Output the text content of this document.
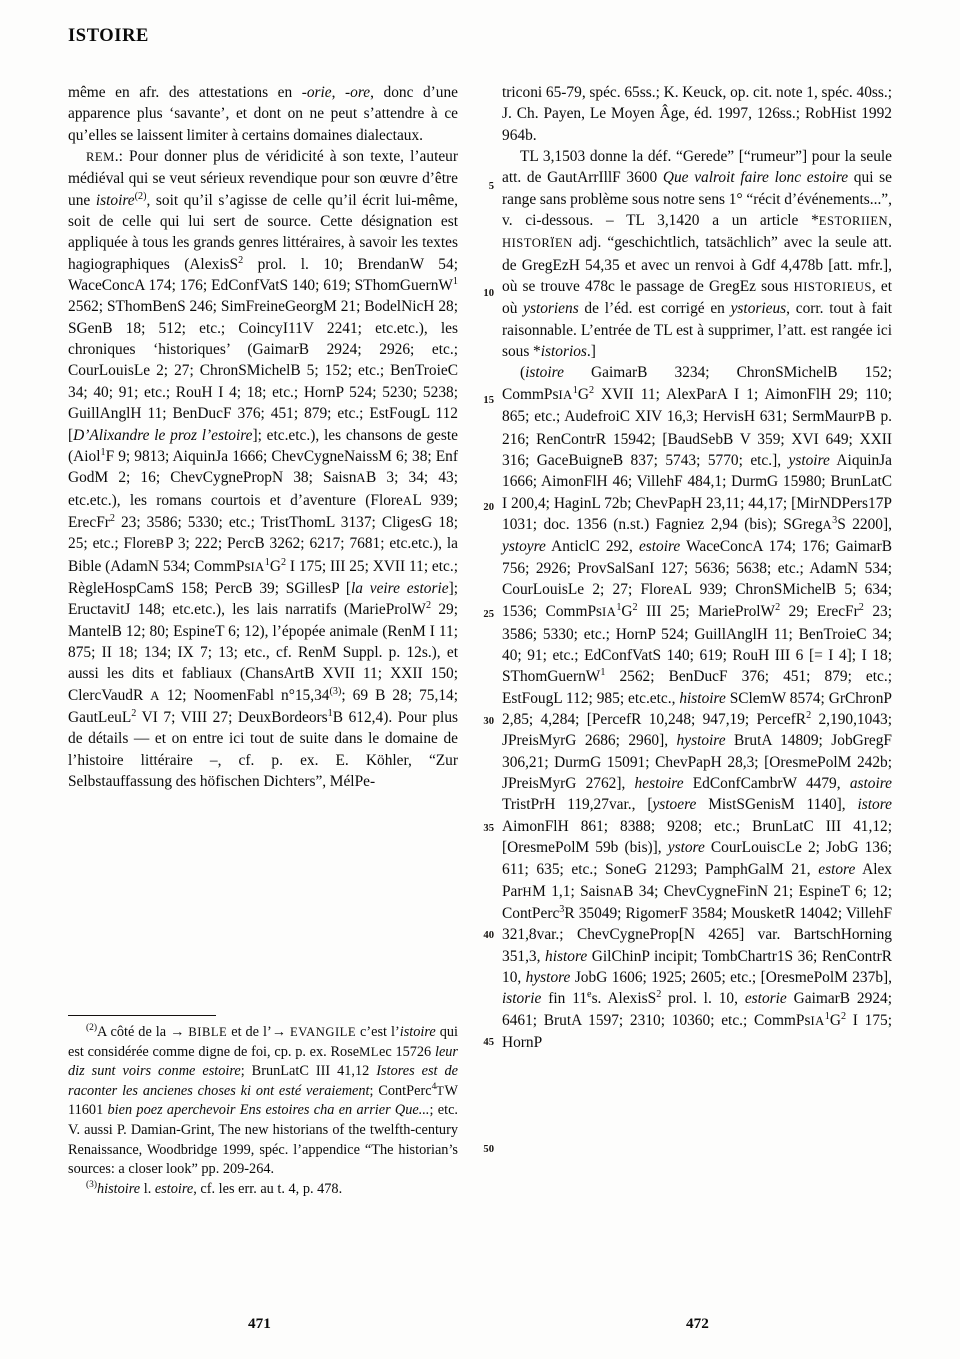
ISTOIRE

même en afr. des attestations en -orie, -ore, donc d’une apparence plus ‘savante’, et dont on ne peut s’attendre à ce qu’elles se laissent limiter à certains domaines dialectaux.

REM.: Pour donner plus de véridicité à son texte, l’auteur médiéval qui se veut sérieux revendique pour son œuvre d’être une istoire$^{(2)}$, soit qu’il s’agisse de celle qu’il écrit lui-même, soit de celle qui lui sert de source. Cette désignation est appliquée à tous les grands genres littéraires, à savoir les textes hagiographiques (AlexisS$^2$ prol. l. 10; BrendanW 54; WaceConcA 174; 176; EdConfVatS 140; 619; SThomGuernW$^1$ 2562; SThomBenS 246; SimFreineGeorgM 21; Bodel​NicH 28; SGenB 18; 512; etc.; CoincyI11V 2241; etc.etc.), les chroniques ‘historiques’ (GaimarB 2924; 2926; etc.; CourLouisLe 2; 27; ChronSMi​chelB 5; 152; etc.; BenTroieC 34; 40; 91; etc.; RouH I 4; 18; etc.; HornP 524; 5230; 5238; GuillAnglH 11; BenDucF 376; 451; 879; etc.; EstFougL 112 [D’Alixandre le proz l’estoire]; etc.etc.), les chansons de geste (Aiol$^1$F 9; 9813; AiquinJa 1666; ChevCygneNaissM 6; 38; Enf​GodM 2; 16; ChevCygnePropN 38; SaisnAB 3; 34; 43; etc.etc.), les romans courtois et d’aventure (FloreAL 939; ErecFr$^2$ 23; 3586; 5330; etc.; Trist​ThomL 3137; CligesG 18; 25; etc.; FloreBP 3; 222; PercB 3262; 6217; 7681; etc.etc.), la Bible (AdamN 534; $CommPsIA^1G^2$ I 175; III 25; XVII 11; etc.; RègleHospCamS 158; PercB 39; SGil​lesP [la veire estorie]; EructavitJ 148; etc.etc.), les lais narratifs (MarieProlW$^2$ 29; MantelB 12; 80; EspineT 6; 12), l’épopée animale (RenM I 11; 875; II 18; 134; IX 7; 13; etc., cf. RenM Suppl. p. 12s.), et aussi les dits et fabliaux (ChansArtB XVII 11; XXII 150; ClercVaudR A 12; Noomen​Fabl n°15,34$^{(3)}$; 69 B 28; 75,14; GautLeuL$^2$ VI 7; VIII 27; DeuxBordeors$^1$B 612,4). Pour plus de détails — et on entre ici tout de suite dans le domaine de l’histoire littéraire –, cf. p. ex. E. Köhler, “Zur Selbstauffassung des höfischen Dichters”, MélPe-

triconi 65-79, spéc. 65ss.; K. Keuck, op. cit. note 1, spéc. 40ss.; J. Ch. Payen, Le Moyen Âge, éd. 1997, 126ss.; RobHist 1992 964b.

TL 3,1503 donne la déf. “Gerede” [“rumeur”] pour la seule att. de GautArrIllF 3600 Que valroit faire lonc estoire qui se range sans problème sous notre sens 1° “récit d’événements...”, v. ci-dessous. – TL 3,1420 a un article *ESTORIIEN, HISTORÏEN adj. “geschichtlich, tatsächlich” avec la seule att. de GregEzH 54,35 et avec un renvoi à Gdf 4,478b [att. mfr.], où se trouve 478c le passage de GregEz sous HISTORIEUS, et où ystoriens de l’éd. est corrigé en ystorieus, corr. tout à fait raisonnable. L’entrée de TL est à supprimer, l’att. est rangée ici sous *istorios.]

(istoire GaimarB 3234; ChronSMichelB 152; $CommPsIA^1G^2$ XVII 11; AlexParA I 1; Aimon​FlH 29; 110; 865; etc.; AudefroiC XIV 16,3; HervisH 631; SermMaurPB p. 216; RenContrR 15942; [BaudSebB V 359; XVI 649; XXII 316; GaceBuigneB 837; 5743; 5770; etc.], ystoire AiquinJa 1666; AimonFlH 46; VillehF 484,1; DurmG 15980; BrunLatC I 200,4; HaginL 72b; ChevPapH 23,11; 44,17; [MirNDPers17P 1031; doc. 1356 (n.st.) Fagniez 2,94 (bis); SGregA$^3$S 2200], ystoyre AnticlC 292, estoire WaceConcA 174; 176; GaimarB 756; 2926; ProvSalSanI 127; 5636; 5638; etc.; AdamN 534; CourLouisLe 2; 27; FloreAL 939; ChronSMichelB 5; 634; 1536; $CommPsIA^1G^2$ III 25; MarieProlW$^2$ 29; ErecFr$^2$ 23; 3586; 5330; etc.; HornP 524; GuillAnglH 11; BenTroieC 34; 40; 91; etc.; EdConfVatS 140; 619; RouH III 6 [= I 4]; I 18; SThomGuernW$^1$ 2562; BenDucF 376; 451; 879; etc.; EstFougL 112; 985; etc.etc., histoire SClemW 8574; GrChronP 2,85; 4,284; [PercefR 10,248; 947,19; PercefR$^2$ 2,190,1043; JPreisMyrG 2686; 2960], hystoire BrutA 14809; JobGregF 306,21; DurmG 15091; ChevPapH 28,3; [OresmePolM 242b; JPreis​MyrG 2762], hestoire EdConfCambrW 4479, as​toire TristPrH 119,27var., [ystoere MistSGenisM 1140], istore AimonFlH 861; 8388; 9208; etc.; BrunLatC III 41,12; [OresmePolM 59b (bis)], ystore CourLouisCLe 2; JobG 136; 611; 635; etc.; SoneG 21293; PamphGalM 21, estore Alex​ParHM 1,1; SaisnAB 34; ChevCygneFinN 21; Es​pineT 6; 12; ContPerc$^3$R 35049; RigomerF 3584; MousketR 14042; VillehF 321,8var.; ChevCygne​Prop[N 4265] var. BartschHorning 351,3, histore GilChinP incipit; TombChartr1S 36; RenContrR 10, hystore JobG 1606; 1925; 2605; etc.; [Ores​mePolM 237b], istorie fin 11es. AlexisS$^2$ prol. l. 10, estorie GaimarB 2924; 6461; BrutA 1597; 2310; 10360; etc.; $CommPsIA^1G^2$ I 175; HornP

$^{(2)}$A côté de la → BIBLE et de l’→ EVAN​GILE c’est l’istoire qui est considérée comme digne de foi, cp. p. ex. RoseMLec 15726 leur diz sunt voirs conme estoire; BrunLatC III 41,12 Is​tores est de raconter les ancienes choses ki ont esté veraiement; ContPerc$^4$TW 11601 bien poez aperchevoir Ens estoires cha en arrier Que...; etc. V. aussi P. Damian-Grint, The new historians of the twelfth-century Renaissance, Woodbridge 1999, spéc. l’appendice “The historian’s sources: a closer look” pp. 209-264.

$^{(3)}$histoire l. estoire, cf. les err. au t. 4, p. 478.

5
10
15
20
25
30
35
40
45
50
471	472
